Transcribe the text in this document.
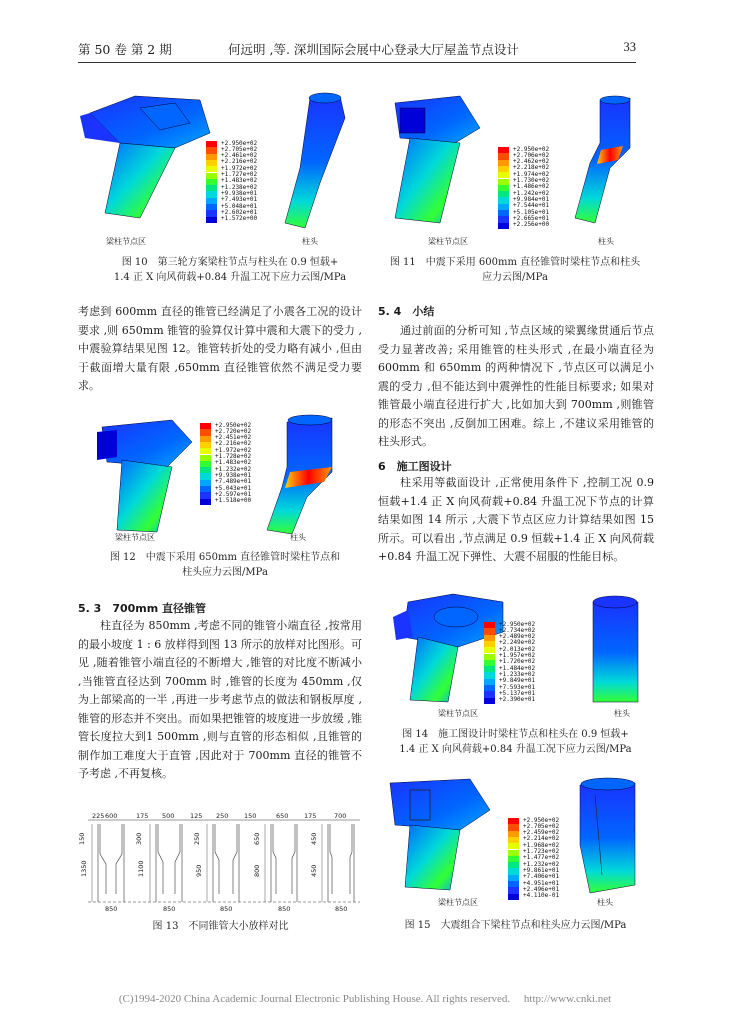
第 50 卷 第 2 期	何远明 ,等. 深圳国际会展中心登录大厅屋盖节点设计	33
+2.950e+02
+2.705e+02
+2.461e+02
+2.216e+02
+1.972e+02
+1.727e+02
+1.483e+02
+1.238e+02
+9.938e+01
+7.493e+01
+5.048e+01
+2.602e+01
+1.572e+00
梁柱节点区	柱头
图 10　第三轮方案梁柱节点与柱头在 0.9 恒载+
1.4 正 X 向风荷载+0.84 升温工况下应力云图/MPa
+2.950e+02
+2.706e+02
+2.462e+02
+2.218e+02
+1.974e+02
+1.730e+02
+1.486e+02
+1.242e+02
+9.984e+01
+7.544e+01
+5.105e+01
+2.665e+01
+2.256e+00
梁柱节点区	柱头
图 11　中震下采用 600mm 直径锥管时梁柱节点和柱头
应力云图/MPa

考虑到 600mm 直径的锥管已经满足了小震各工况的设计要求 ,则 650mm 锥管的验算仅计算中震和大震下的受力 ,中震验算结果见图 12。锥管转折处的受力略有减小 ,但由于截面增大量有限 ,650mm 直径锥管依然不满足受力要求。

+2.950e+02
+2.720e+02
+2.451e+02
+2.216e+02
+1.972e+02
+1.728e+02
+1.483e+02
+1.232e+02
+9.938e+01
+7.489e+01
+5.043e+01
+2.597e+01
+1.518e+00
梁柱节点区	柱头
图 12　中震下采用 650mm 直径锥管时梁柱节点和
柱头应力云图/MPa
5. 3　700mm 直径锥管

柱直径为 850mm ,考虑不同的锥管小端直径 ,按常用的最小坡度 1 : 6 放样得到图 13 所示的放样对比图形。可见 ,随着锥管小端直径的不断增大 ,锥管的对比度不断减小 ,当锥管直径达到 700mm 时 ,锥管的长度为 450mm ,仅为上部梁高的一半 ,再进一步考虑节点的做法和钢板厚度 ,锥管的形态并不突出。而如果把锥管的坡度进一步放缓 ,锥管长度拉大到1 500mm ,则与直管的形态相似 ,且锥管的制作加工难度大于直管 ,因此对于 700mm 直径的锥管不予考虑 ,不再复核。

225 600	175 500 125 250 150	650 175	700
150	300	250
1350	1100	950	800
650
450
450
850	850	850	850	850
图 13　不同锥管大小放样对比
5. 4　小结

通过前面的分析可知 ,节点区域的梁翼缘贯通后节点受力显著改善; 采用锥管的柱头形式 ,在最小端直径为 600mm 和 650mm 的两种情况下 ,节点区可以满足小震的受力 ,但不能达到中震弹性的性能目标要求; 如果对锥管最小端直径进行扩大 ,比如加大到 700mm ,则锥管的形态不突出 ,反倒加工困难。综上 ,不建议采用锥管的柱头形式。

6　施工图设计

柱采用等截面设计 ,正常使用条件下 ,控制工况 0.9 恒载+1.4 正 X 向风荷载+0.84 升温工况下节点的计算结果如图 14 所示 ,大震下节点区应力计算结果如图 15 所示。可以看出 ,节点满足 0.9 恒载+1.4 正 X 向风荷载+0.84 升温工况下弹性、大震不屈服的性能目标。

+2.950e+02
+2.734e+02
+2.489e+02
+2.249e+02
+2.013e+02
+1.957e+02
+1.720e+02
+1.484e+02
+1.233e+02
+9.849e+01
+7.593e+01
+5.137e+01
+2.390e+01
梁柱节点区	柱头
图 14　施工图设计时梁柱节点和柱头在 0.9 恒载+
1.4 正 X 向风荷载+0.84 升温工况下应力云图/MPa
+2.950e+02
+2.705e+02
+2.459e+02
+2.214e+02
+1.968e+02
+1.723e+02
+1.477e+02
+1.232e+02
+9.861e+01
+7.406e+01
+4.951e+01
+2.496e+01
+4.110e-01
梁柱节点区	柱头
图 15　大震组合下梁柱节点和柱头应力云图/MPa
(C)1994-2020 China Academic Journal Electronic Publishing House. All rights reserved.　 http://www.cnki.net
